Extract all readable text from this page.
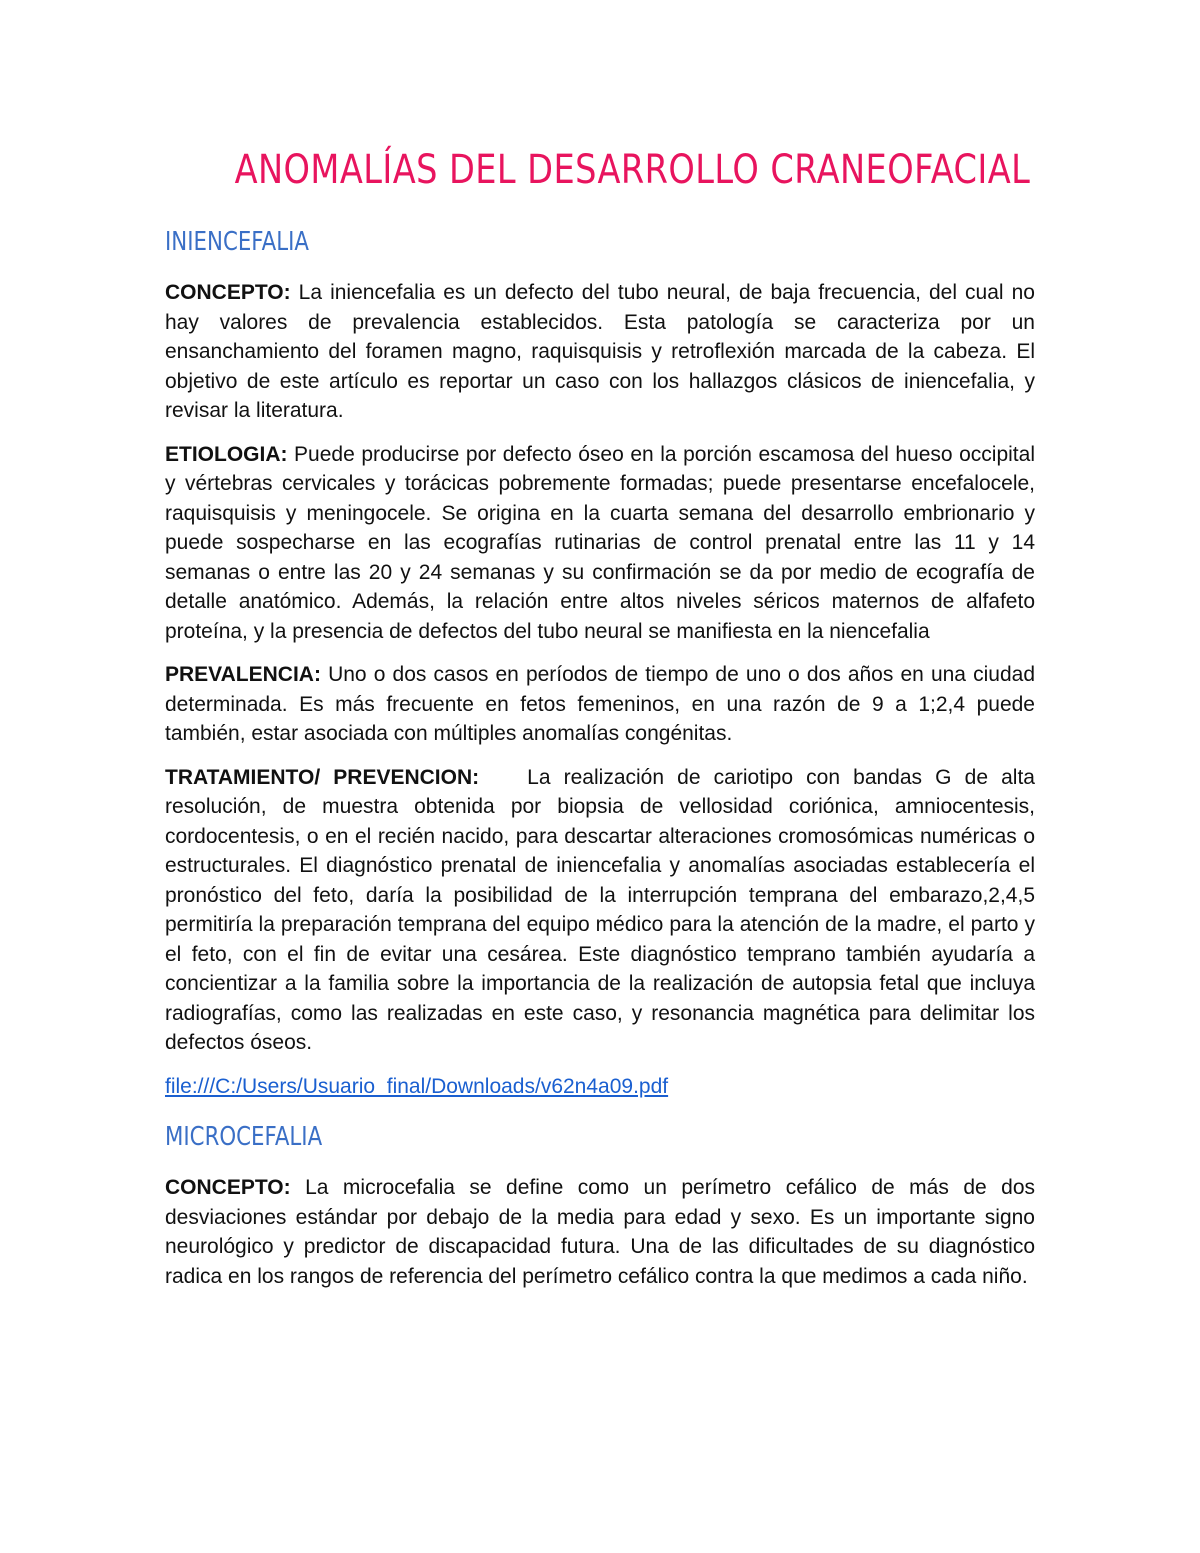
ANOMALÍAS DEL DESARROLLO CRANEOFACIAL
INIENCEFALIA

CONCEPTO: La iniencefalia es un defecto del tubo neural, de baja frecuencia, del cual no hay valores de prevalencia establecidos. Esta patología se caracteriza por un ensanchamiento del foramen magno, raquisquisis y retroflexión marcada de la cabeza. El objetivo de este artículo es reportar un caso con los hallazgos clásicos de iniencefalia, y revisar la literatura.

ETIOLOGIA: Puede producirse por defecto óseo en la porción escamosa del hueso occipital y vértebras cervicales y torácicas pobremente formadas; puede presentarse encefalocele, raquisquisis y meningocele. Se origina en la cuarta semana del desarrollo embrionario y puede sospecharse en las ecografías rutinarias de control prenatal entre las 11 y 14 semanas o entre las 20 y 24 semanas y su confirmación se da por medio de ecografía de detalle anatómico. Además, la relación entre altos niveles séricos maternos de alfafeto proteína, y la presencia de defectos del tubo neural se manifiesta en la niencefalia

PREVALENCIA: Uno o dos casos en períodos de tiempo de uno o dos años en una ciudad determinada. Es más frecuente en fetos femeninos, en una razón de 9 a 1;2,4 puede también, estar asociada con múltiples anomalías congénitas.

TRATAMIENTO/ PREVENCION: La realización de cariotipo con bandas G de alta resolución, de muestra obtenida por biopsia de vellosidad coriónica, amniocentesis, cordocentesis, o en el recién nacido, para descartar alteraciones cromosómicas numéricas o estructurales. El diagnóstico prenatal de iniencefalia y anomalías asociadas establecería el pronóstico del feto, daría la posibilidad de la interrupción temprana del embarazo,2,4,5 permitiría la preparación temprana del equipo médico para la atención de la madre, el parto y el feto, con el fin de evitar una cesárea. Este diagnóstico temprano también ayudaría a concientizar a la familia sobre la importancia de la realización de autopsia fetal que incluya radiografías, como las realizadas en este caso, y resonancia magnética para delimitar los defectos óseos.

file:///C:/Users/Usuario_final/Downloads/v62n4a09.pdf
MICROCEFALIA

CONCEPTO: La microcefalia se define como un perímetro cefálico de más de dos desviaciones estándar por debajo de la media para edad y sexo. Es un importante signo neurológico y predictor de discapacidad futura. Una de las dificultades de su diagnóstico radica en los rangos de referencia del perímetro cefálico contra la que medimos a cada niño.
